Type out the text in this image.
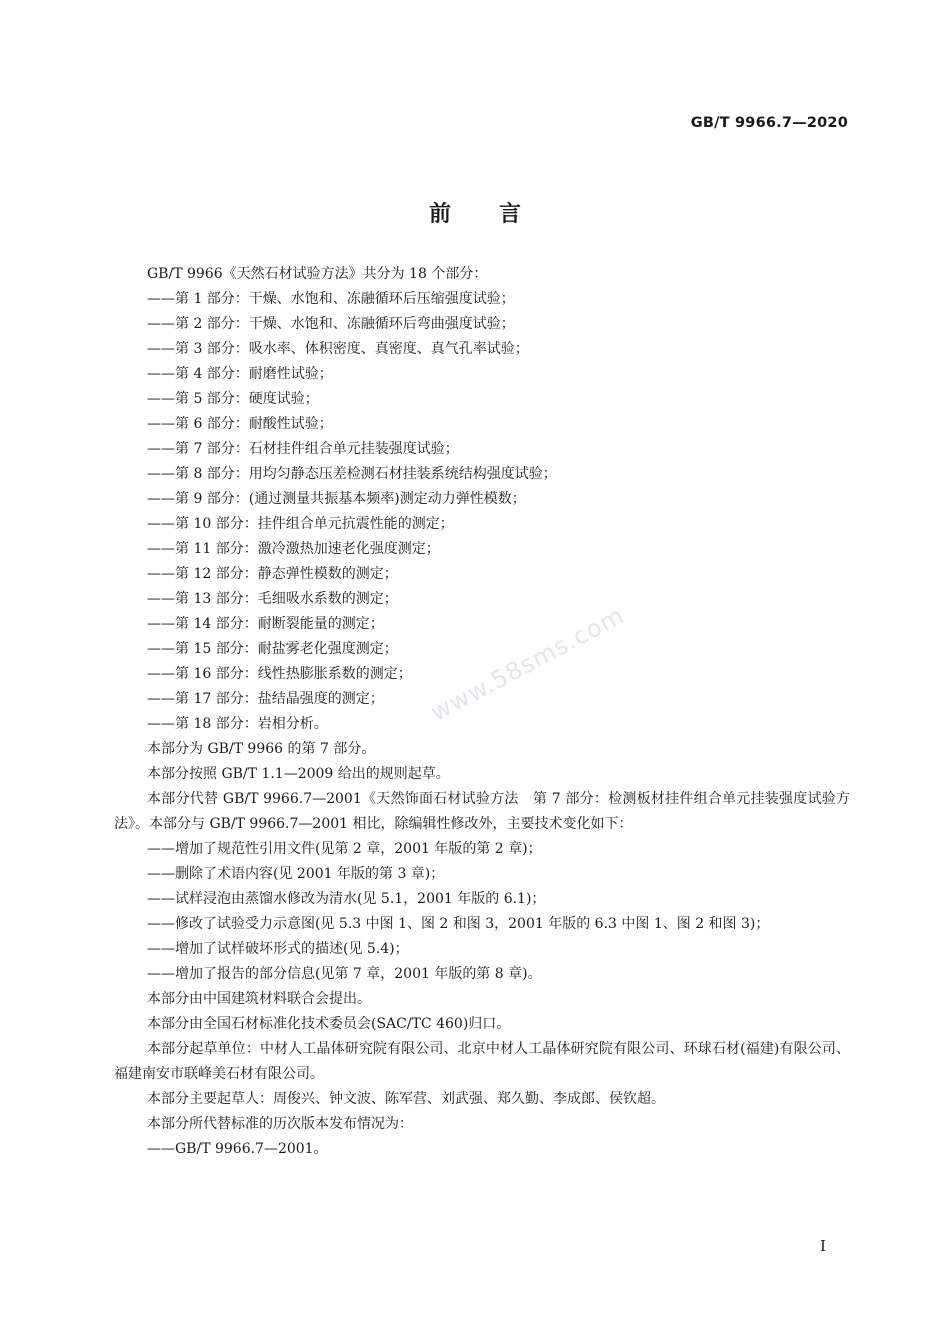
GB/T 9966.7—2020
前言

GB/T 9966《天然石材试验方法》共分为 18 个部分：

——第 1 部分：干燥、水饱和、冻融循环后压缩强度试验；

——第 2 部分：干燥、水饱和、冻融循环后弯曲强度试验；

——第 3 部分：吸水率、体积密度、真密度、真气孔率试验；

——第 4 部分：耐磨性试验；

——第 5 部分：硬度试验；

——第 6 部分：耐酸性试验；

——第 7 部分：石材挂件组合单元挂装强度试验；

——第 8 部分：用均匀静态压差检测石材挂装系统结构强度试验；

——第 9 部分：(通过测量共振基本频率)测定动力弹性模数；

——第 10 部分：挂件组合单元抗震性能的测定；

——第 11 部分：激冷激热加速老化强度测定；

——第 12 部分：静态弹性模数的测定；

——第 13 部分：毛细吸水系数的测定；

——第 14 部分：耐断裂能量的测定；

——第 15 部分：耐盐雾老化强度测定；

——第 16 部分：线性热膨胀系数的测定；

——第 17 部分：盐结晶强度的测定；

——第 18 部分：岩相分析。

本部分为 GB/T 9966 的第 7 部分。

本部分按照 GB/T 1.1—2009 给出的规则起草。

本部分代替 GB/T 9966.7—2001《天然饰面石材试验方法　第 7 部分：检测板材挂件组合单元挂装强度试验方法》。本部分与 GB/T 9966.7—2001 相比，除编辑性修改外，主要技术变化如下：

——增加了规范性引用文件(见第 2 章，2001 年版的第 2 章)；

——删除了术语内容(见 2001 年版的第 3 章)；

——试样浸泡由蒸馏水修改为清水(见 5.1，2001 年版的 6.1)；

——修改了试验受力示意图(见 5.3 中图 1、图 2 和图 3，2001 年版的 6.3 中图 1、图 2 和图 3)；

——增加了试样破坏形式的描述(见 5.4)；

——增加了报告的部分信息(见第 7 章，2001 年版的第 8 章)。

本部分由中国建筑材料联合会提出。

本部分由全国石材标准化技术委员会(SAC/TC 460)归口。

本部分起草单位：中材人工晶体研究院有限公司、北京中材人工晶体研究院有限公司、环球石材(福建)有限公司、福建南安市联峰美石材有限公司。

本部分主要起草人：周俊兴、钟文波、陈军营、刘武强、郑久勤、李成郎、侯钦超。

本部分所代替标准的历次版本发布情况为：

——GB/T 9966.7—2001。

www.58sms.com
I
